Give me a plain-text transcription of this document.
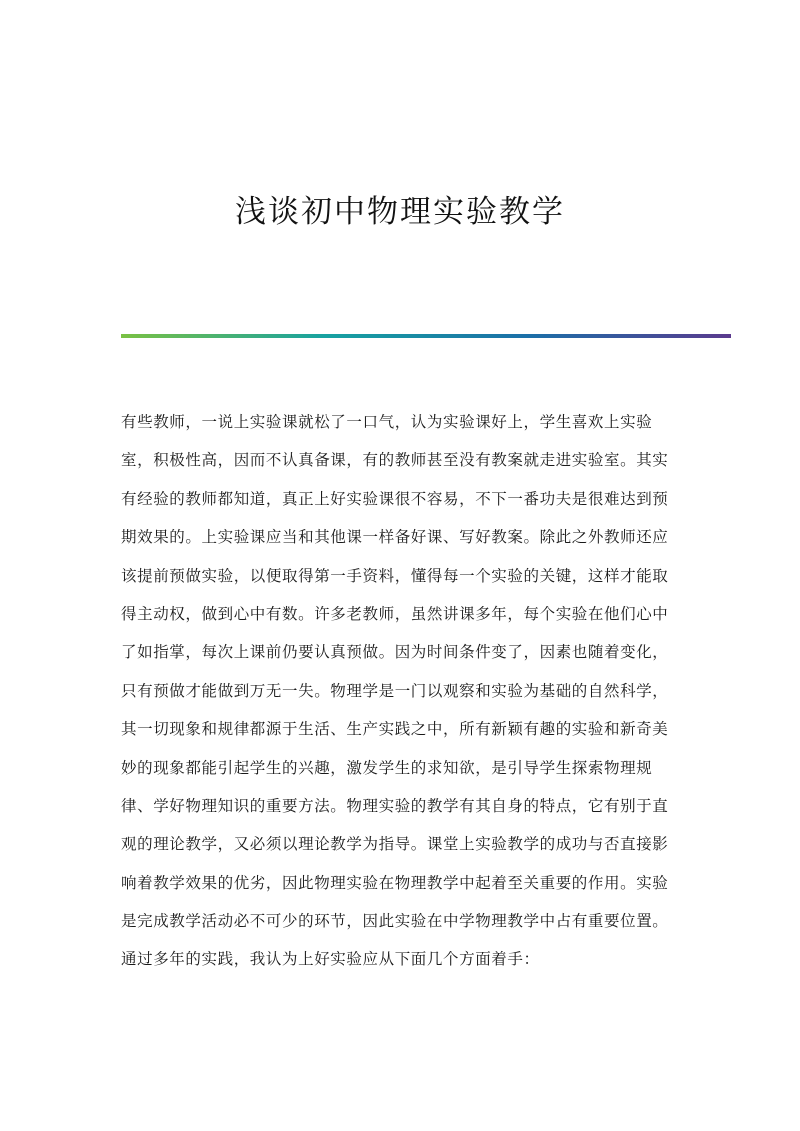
浅谈初中物理实验教学
有些教师，一说上实验课就松了一口气，认为实验课好上，学生喜欢上实验
室，积极性高，因而不认真备课，有的教师甚至没有教案就走进实验室。其实
有经验的教师都知道，真正上好实验课很不容易，不下一番功夫是很难达到预
期效果的。上实验课应当和其他课一样备好课、写好教案。除此之外教师还应
该提前预做实验，以便取得第一手资料，懂得每一个实验的关键，这样才能取
得主动权，做到心中有数。许多老教师，虽然讲课多年，每个实验在他们心中
了如指掌，每次上课前仍要认真预做。因为时间条件变了，因素也随着变化，
只有预做才能做到万无一失。物理学是一门以观察和实验为基础的自然科学，
其一切现象和规律都源于生活、生产实践之中，所有新颖有趣的实验和新奇美
妙的现象都能引起学生的兴趣，激发学生的求知欲，是引导学生探索物理规
律、学好物理知识的重要方法。物理实验的教学有其自身的特点，它有别于直
观的理论教学，又必须以理论教学为指导。课堂上实验教学的成功与否直接影
响着教学效果的优劣，因此物理实验在物理教学中起着至关重要的作用。实验
是完成教学活动必不可少的环节，因此实验在中学物理教学中占有重要位置。
通过多年的实践，我认为上好实验应从下面几个方面着手：
